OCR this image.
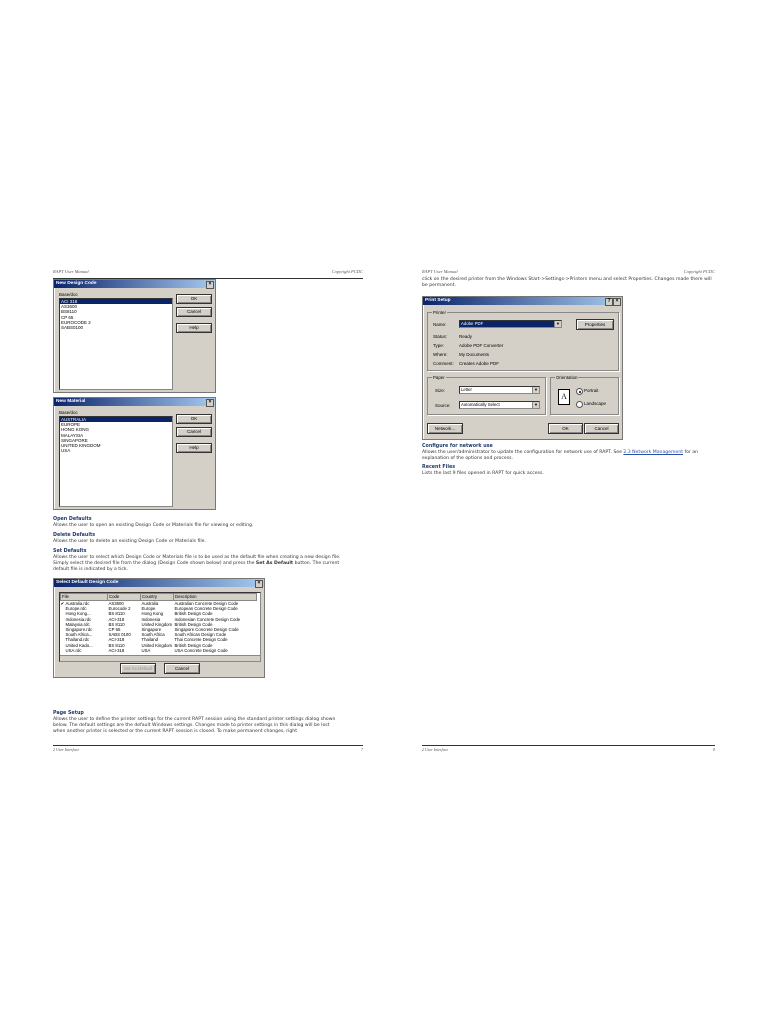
RAPT User Manual	Copyright PCDC
New Design Code	×
Base/doc
ACI 318
AS3600
BS8110
CP 65
EUROCODE 2
SABS0100
OK
Cancel
Help
New Material	×
Base/doc
AUSTRALIA
EUROPE
HONG KONG
MALAYSIA
SINGAPORE
UNITED KINGDOM
USA
OK
Cancel
Help
Open Defaults
Allows the user to open an existing Design Code or Materials file for viewing or editing.
Delete Defaults
Allows the user to delete an existing Design Code or Materials file.
Set Defaults
Allows the user to select which Design Code or Materials file is to be used as the default file when creating a new design file. Simply select the desired file from the dialog (Design Code shown below) and press the Set As Default button. The current default file is indicated by a tick.
Select Default Design Code	×
File		Code	Country	Description
✔	Australia.rdc	AS3600	Australia	Australian Concrete Design Code
	Europe.rdc	Eurocode 2	Europe	European Concrete Design Code
	Hong Kong...	BS 8110	Hong Kong	British Design Code
	Indonesia.rdc	ACI-318	Indonesia	Indonesian Concrete Design Code
	Malaysia.rdc	BS 8110	United Kingdom	British Design Code
	Singapore.rdc	CP 65	Singapore	Singapore Concrete Design Code
	South Africa...	SABS 0100	South Africa	South African Design Code
	Thailand.rdc	ACI-318	Thailand	Thai Concrete Design Code
	United Kado...	BS 8110	United Kingdom	British Design Code
	USA.rdc	ACI-318	USA	USA Concrete Design Code
Set As Default	Cancel
Page Setup
Allows the user to define the printer settings for the current RAPT session using the standard printer settings dialog shown below. The default settings are the default Windows settings. Changes made to printer settings in this dialog will be lost when another printer is selected or the current RAPT session is closed. To make permanent changes, right
2 User Interface	7
RAPT User Manual	Copyright PCDC
click on the desired printer from the Windows Start->Settings->Printers menu and select Properties. Changes made there will be permanent.
Print Setup	?	×
Printer
Name:	Adobe PDF	▼	Properties
Status:	Ready
Type:	Adobe PDF Converter
Where:	My Documents
Comment: Creates Adobe PDF
Paper
Size:	Letter	▼
Source:	Automatically Select	▼
Orientation
A
Portrait
Landscape
Network...	OK	Cancel
Configure for network use
Allows the user/administrator to update the configuration for network use of RAPT. See 2.3 Network Management for an explanation of the options and process.
Recent Files
Lists the last 9 files opened in RAPT for quick access.
2 User Interface	8
